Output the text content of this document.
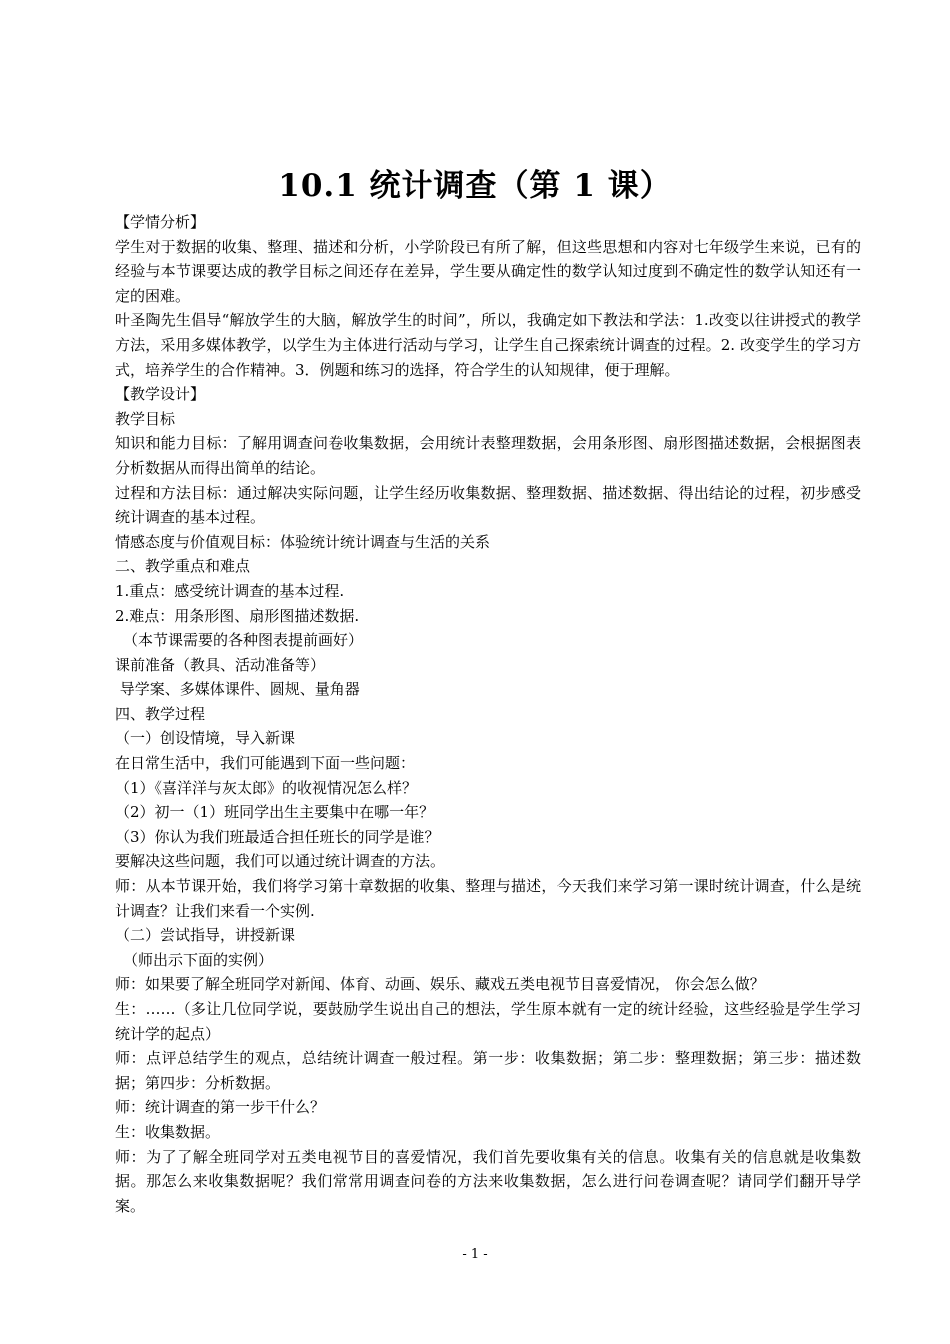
10.1 统计调查（第 1 课）

【学情分析】

学生对于数据的收集、整理、描述和分析，小学阶段已有所了解，但这些思想和内容对七年级学生来说，已有的经验与本节课要达成的教学目标之间还存在差异，学生要从确定性的数学认知过度到不确定性的数学认知还有一定的困难。

叶圣陶先生倡导“解放学生的大脑，解放学生的时间”，所以，我确定如下教法和学法：1.改变以往讲授式的教学方法，采用多媒体教学，以学生为主体进行活动与学习，让学生自己探索统计调查的过程。2. 改变学生的学习方式，培养学生的合作精神。3．例题和练习的选择，符合学生的认知规律，便于理解。

【教学设计】

教学目标

知识和能力目标：了解用调查问卷收集数据，会用统计表整理数据，会用条形图、扇形图描述数据，会根据图表分析数据从而得出简单的结论。

过程和方法目标：通过解决实际问题，让学生经历收集数据、整理数据、描述数据、得出结论的过程，初步感受统计调查的基本过程。

情感态度与价值观目标：体验统计统计调查与生活的关系

二、教学重点和难点

1.重点：感受统计调查的基本过程.

2.难点：用条形图、扇形图描述数据.

（本节课需要的各种图表提前画好）

课前准备（教具、活动准备等）

导学案、多媒体课件、圆规、量角器

四、教学过程

（一）创设情境，导入新课

在日常生活中，我们可能遇到下面一些问题：

（1）《喜洋洋与灰太郎》的收视情况怎么样？

（2）初一（1）班同学出生主要集中在哪一年？

（3）你认为我们班最适合担任班长的同学是谁？

要解决这些问题，我们可以通过统计调查的方法。

师：从本节课开始，我们将学习第十章数据的收集、整理与描述，今天我们来学习第一课时统计调查，什么是统计调查？让我们来看一个实例.

（二）尝试指导，讲授新课

（师出示下面的实例）

师：如果要了解全班同学对新闻、体育、动画、娱乐、藏戏五类电视节目喜爱情况， 你会怎么做？

生：……（多让几位同学说，要鼓励学生说出自己的想法，学生原本就有一定的统计经验，这些经验是学生学习统计学的起点）

师：点评总结学生的观点，总结统计调查一般过程。第一步：收集数据；第二步：整理数据；第三步：描述数据；第四步：分析数据。

师：统计调查的第一步干什么？

生：收集数据。

师：为了了解全班同学对五类电视节目的喜爱情况，我们首先要收集有关的信息。收集有关的信息就是收集数据。那怎么来收集数据呢？我们常常用调查问卷的方法来收集数据，怎么进行问卷调查呢？请同学们翻开导学案。

- 1 -
